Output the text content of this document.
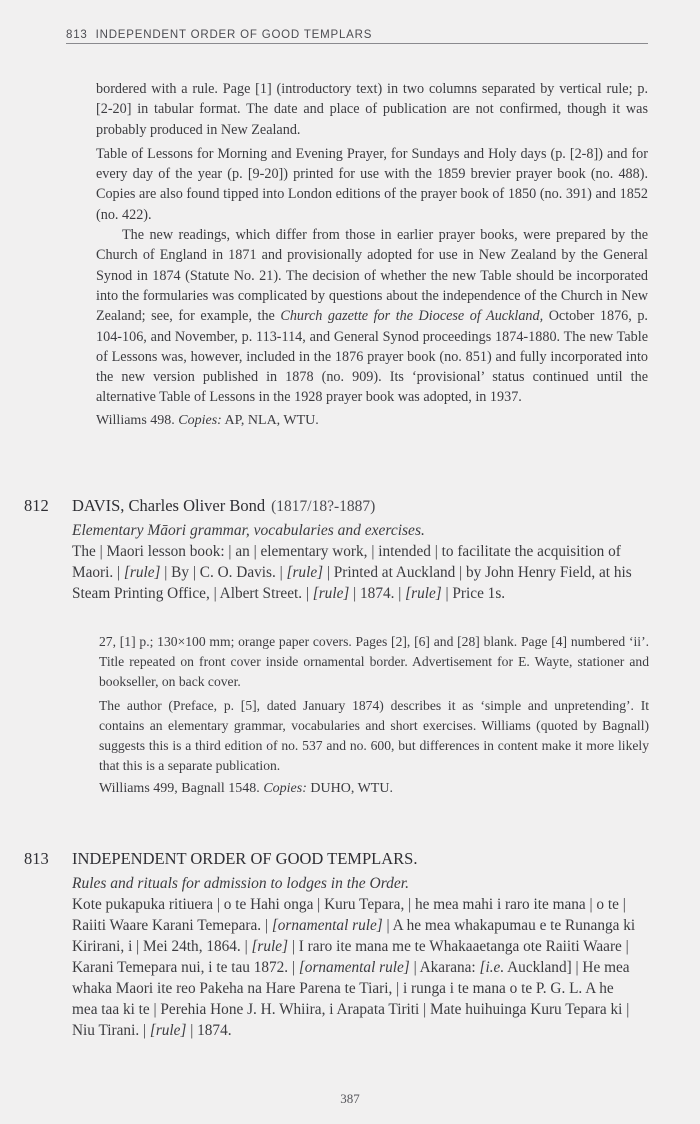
813 INDEPENDENT ORDER OF GOOD TEMPLARS

bordered with a rule. Page [1] (introductory text) in two columns separated by vertical rule; p. [2-20] in tabular format. The date and place of publication are not confirmed, though it was probably produced in New Zealand.

Table of Lessons for Morning and Evening Prayer, for Sundays and Holy days (p. [2-8]) and for every day of the year (p. [9-20]) printed for use with the 1859 brevier prayer book (no. 488). Copies are also found tipped into London editions of the prayer book of 1850 (no. 391) and 1852 (no. 422).

The new readings, which differ from those in earlier prayer books, were prepared by the Church of England in 1871 and provisionally adopted for use in New Zealand by the General Synod in 1874 (Statute No. 21). The decision of whether the new Table should be incorporated into the formularies was complicated by questions about the independence of the Church in New Zealand; see, for example, the Church gazette for the Diocese of Auckland, October 1876, p. 104-106, and November, p. 113-114, and General Synod proceedings 1874-1880. The new Table of Lessons was, however, included in the 1876 prayer book (no. 851) and fully incorporated into the new version published in 1878 (no. 909). Its ‘provisional’ status continued until the alternative Table of Lessons in the 1928 prayer book was adopted, in 1937.

Williams 498. Copies: AP, NLA, WTU.

812 DAVIS, Charles Oliver Bond (1817/18?-1887)

Elementary Māori grammar, vocabularies and exercises.

The | Maori lesson book: | an | elementary work, | intended | to facilitate the acquisition of Maori. | [rule] | By | C. O. Davis. | [rule] | Printed at Auckland | by John Henry Field, at his Steam Printing Office, | Albert Street. | [rule] | 1874. | [rule] | Price 1s.

27, [1] p.; 130×100 mm; orange paper covers. Pages [2], [6] and [28] blank. Page [4] numbered ‘ii’. Title repeated on front cover inside ornamental border. Advertisement for E. Wayte, stationer and bookseller, on back cover.

The author (Preface, p. [5], dated January 1874) describes it as ‘simple and unpretending’. It contains an elementary grammar, vocabularies and short exercises. Williams (quoted by Bagnall) suggests this is a third edition of no. 537 and no. 600, but differences in content make it more likely that this is a separate publication.

Williams 499, Bagnall 1548. Copies: DUHO, WTU.

813 INDEPENDENT ORDER OF GOOD TEMPLARS.

Rules and rituals for admission to lodges in the Order.

Kote pukapuka ritiuera | o te Hahi onga | Kuru Tepara, | he mea mahi i raro ite mana | o te | Raiiti Waare Karani Temepara. | [ornamental rule] | A he mea whakapumau e te Runanga ki Kirirani, i | Mei 24th, 1864. | [rule] | I raro ite mana me te Whakaaetanga ote Raiiti Waare | Karani Temepara nui, i te tau 1872. | [ornamental rule] | Akarana: [i.e. Auckland] | He mea whaka Maori ite reo Pakeha na Hare Parena te Tiari, | i runga i te mana o te P. G. L. A he mea taa ki te | Perehia Hone J. H. Whiira, i Arapata Tiriti | Mate huihuinga Kuru Tepara ki | Niu Tirani. | [rule] | 1874.

387
